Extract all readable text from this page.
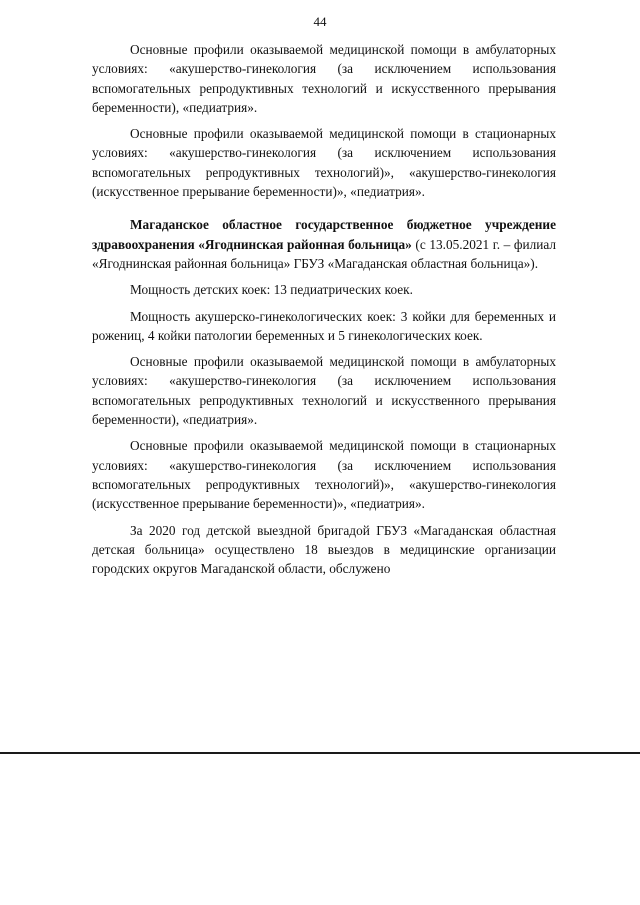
44

Основные профили оказываемой медицинской помощи в амбулаторных условиях: «акушерство-гинекология (за исключением использования вспомогательных репродуктивных технологий и искусственного прерывания беременности), «педиатрия».

Основные профили оказываемой медицинской помощи в стационарных условиях: «акушерство-гинекология (за исключением использования вспомогательных репродуктивных технологий)», «акушерство-гинекология (искусственное прерывание беременности)», «педиатрия».

Магаданское областное государственное бюджетное учреждение здравоохранения «Ягоднинская районная больница» (с 13.05.2021 г. – филиал «Ягоднинская районная больница» ГБУЗ «Магаданская областная больница»).

Мощность детских коек: 13 педиатрических коек.

Мощность акушерско-гинекологических коек: 3 койки для беременных и рожениц, 4 койки патологии беременных и 5 гинекологических коек.

Основные профили оказываемой медицинской помощи в амбулаторных условиях: «акушерство-гинекология (за исключением использования вспомогательных репродуктивных технологий и искусственного прерывания беременности), «педиатрия».

Основные профили оказываемой медицинской помощи в стационарных условиях: «акушерство-гинекология (за исключением использования вспомогательных репродуктивных технологий)», «акушерство-гинекология (искусственное прерывание беременности)», «педиатрия».

За 2020 год детской выездной бригадой ГБУЗ «Магаданская областная детская больница» осуществлено 18 выездов в медицинские организации городских округов Магаданской области, обслужено
